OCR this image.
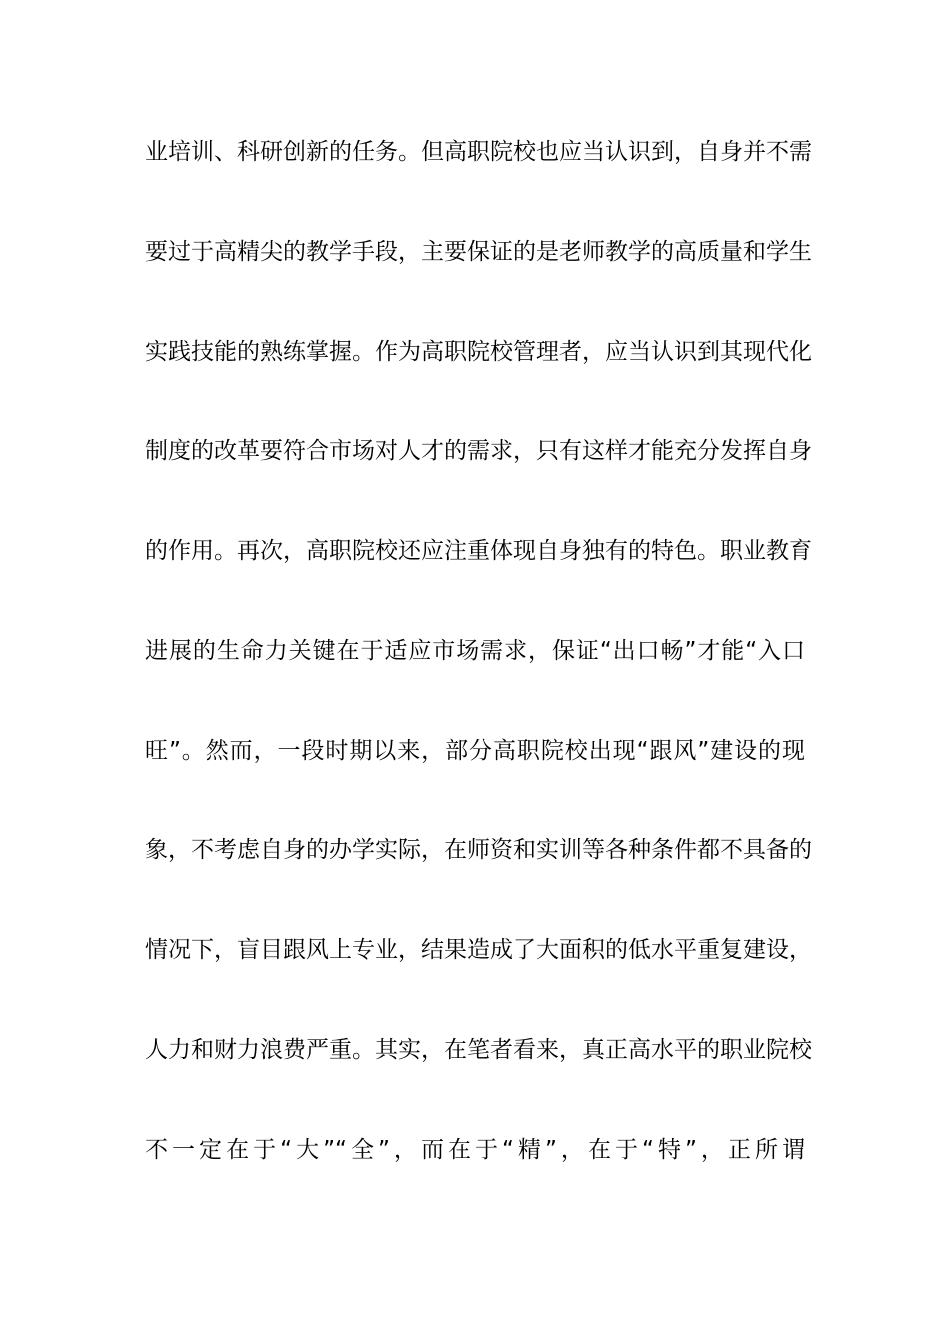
业培训、科研创新的任务。但高职院校也应当认识到，自身并不需
要过于高精尖的教学手段，主要保证的是老师教学的高质量和学生
实践技能的熟练掌握。作为高职院校管理者，应当认识到其现代化
制度的改革要符合市场对人才的需求，只有这样才能充分发挥自身
的作用。再次，高职院校还应注重体现自身独有的特色。职业教育
进展的生命力关键在于适应市场需求，保证“出口畅”才能“入口
旺”。然而，一段时期以来，部分高职院校出现“跟风”建设的现
象，不考虑自身的办学实际，在师资和实训等各种条件都不具备的
情况下，盲目跟风上专业，结果造成了大面积的低水平重复建设，
人力和财力浪费严重。其实，在笔者看来，真正高水平的职业院校
不一定在于“大”“全”，而在于“精”，在于“特”，正所谓
